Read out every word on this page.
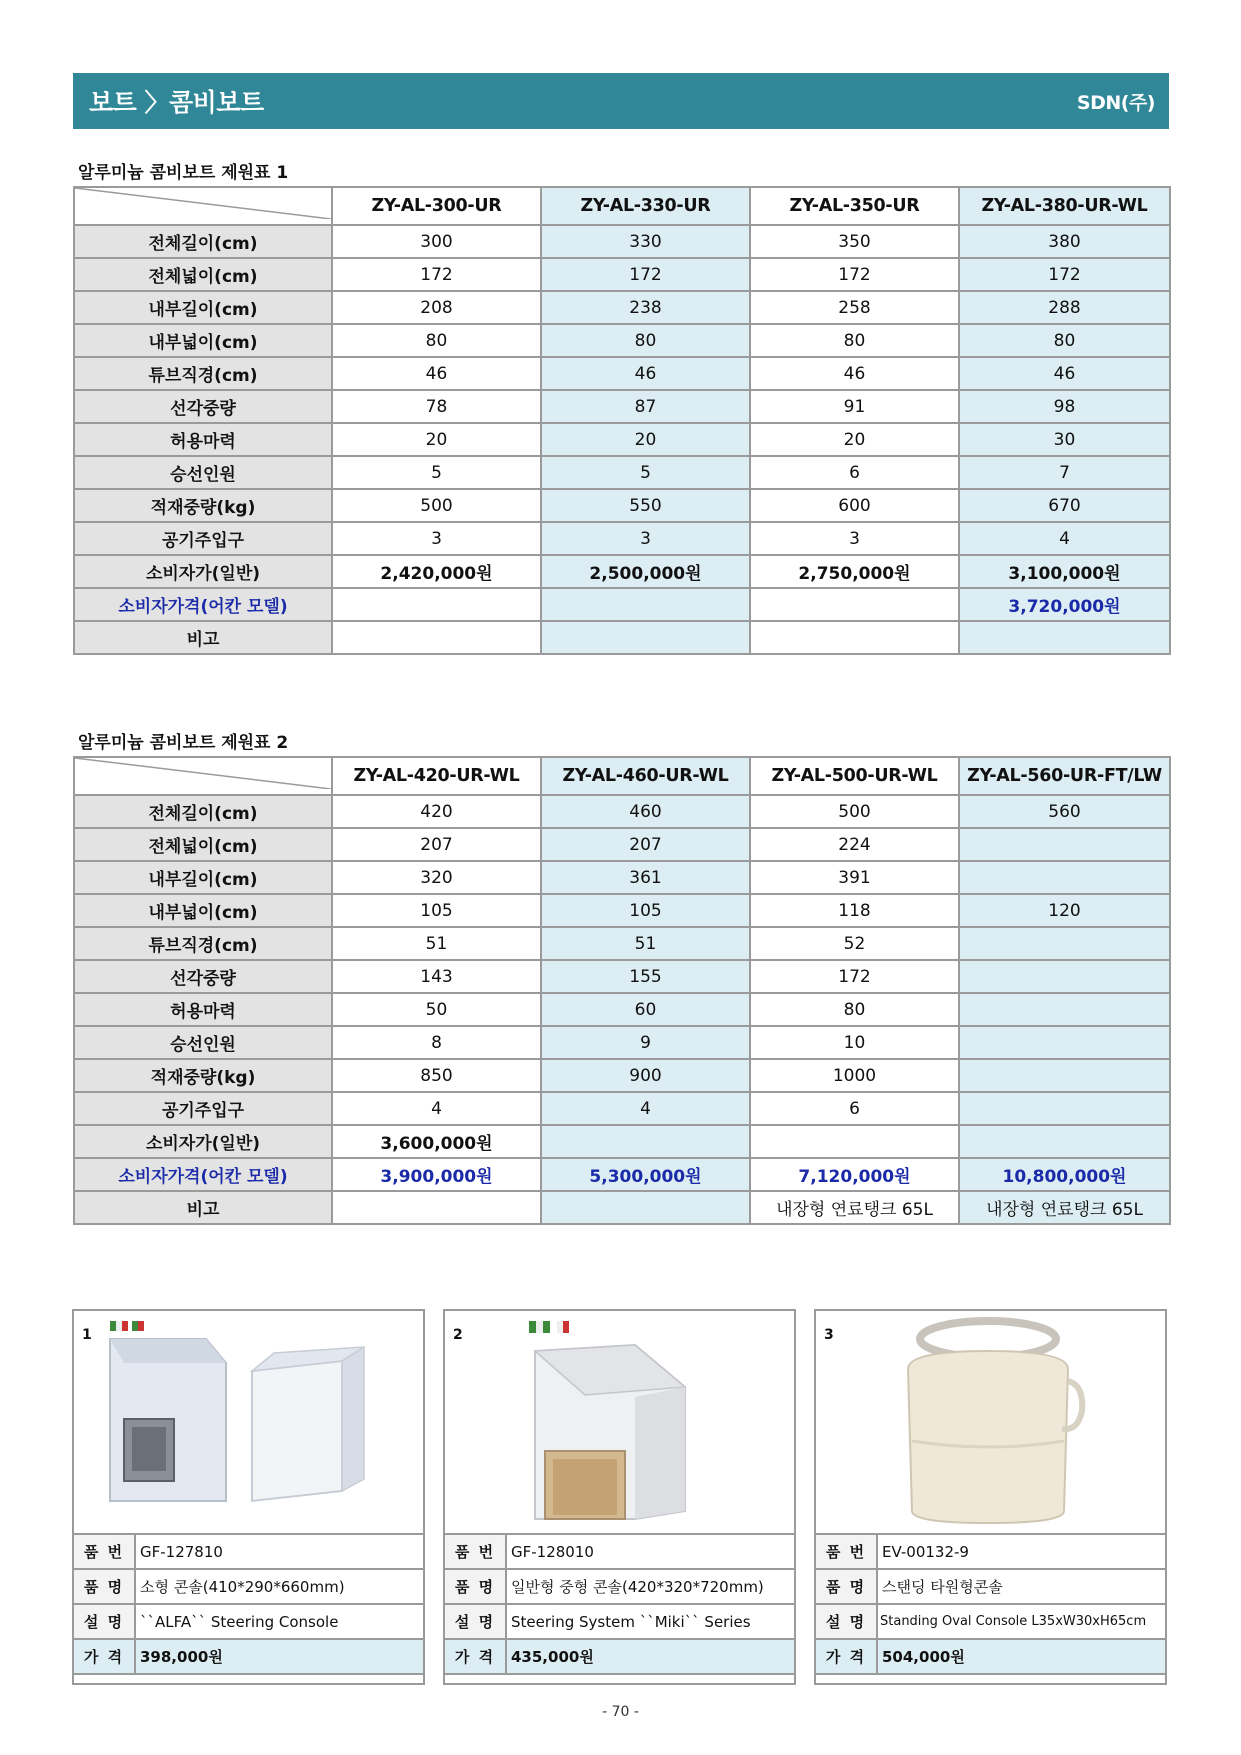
보트 〉콤비보트	SDN(주)
알루미늄 콤비보트 제원표 1
	ZY-AL-300-UR	ZY-AL-330-UR	ZY-AL-350-UR	ZY-AL-380-UR-WL
전체길이(cm)	300	330	350	380
전체넓이(cm)	172	172	172	172
내부길이(cm)	208	238	258	288
내부넓이(cm)	80	80	80	80
튜브직경(cm)	46	46	46	46
선각중량	78	87	91	98
허용마력	20	20	20	30
승선인원	5	5	6	7
적재중량(kg)	500	550	600	670
공기주입구	3	3	3	4
소비자가(일반)	2,420,000원	2,500,000원	2,750,000원	3,100,000원
소비자가격(어칸 모델)				3,720,000원
비고				
알루미늄 콤비보트 제원표 2
	ZY-AL-420-UR-WL	ZY-AL-460-UR-WL	ZY-AL-500-UR-WL	ZY-AL-560-UR-FT/LW
전체길이(cm)	420	460	500	560
전체넓이(cm)	207	207	224	
내부길이(cm)	320	361	391	
내부넓이(cm)	105	105	118	120
튜브직경(cm)	51	51	52	
선각중량	143	155	172	
허용마력	50	60	80	
승선인원	8	9	10	
적재중량(kg)	850	900	1000	
공기주입구	4	4	6	
소비자가(일반)	3,600,000원			
소비자가격(어칸 모델)	3,900,000원	5,300,000원	7,120,000원	10,800,000원
비고			내장형 연료탱크 65L	내장형 연료탱크 65L
1
품 번	GF-127810
품 명	소형 콘솔(410*290*660mm)
설 명	``ALFA`` Steering Console
가 격	398,000원
2
품 번	GF-128010
품 명	일반형 중형 콘솔(420*320*720mm)
설 명	Steering System ``Miki`` Series
가 격	435,000원
3
품 번	EV-00132-9
품 명	스탠딩 타원형콘솔
설 명	Standing Oval Console L35xW30xH65cm
가 격	504,000원
- 70 -
